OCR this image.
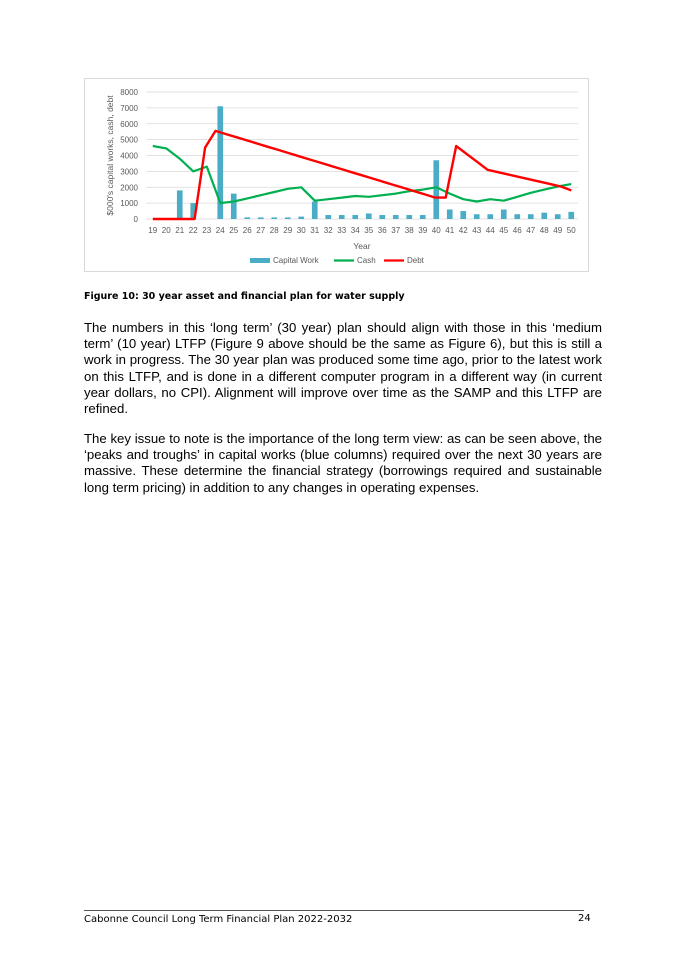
0
1000
2000
3000
4000
5000
6000
7000
8000
19 20 21 22 23 24 25 26 27 28 29 30 31 32 33 34 35 36 37 38 39 40 41 42 43 44 45 46 47 48 49 50
Year
$000's capital works, cash, debt
Capital Work	Cash	Debt
Figure 10: 30 year asset and financial plan for water supply

The numbers in this ‘long term’ (30 year) plan should align with those in this ‘medium term’ (10 year) LTFP (Figure 9 above should be the same as Figure 6), but this is still a work in progress. The 30 year plan was produced some time ago, prior to the latest work on this LTFP, and is done in a different computer program in a different way (in current year dollars, no CPI). Alignment will improve over time as the SAMP and this LTFP are refined.

The key issue to note is the importance of the long term view: as can be seen above, the ‘peaks and troughs’ in capital works (blue columns) required over the next 30 years are massive. These determine the financial strategy (borrowings required and sustainable long term pricing) in addition to any changes in operating expenses.

Cabonne Council Long Term Financial Plan 2022-2032	24
